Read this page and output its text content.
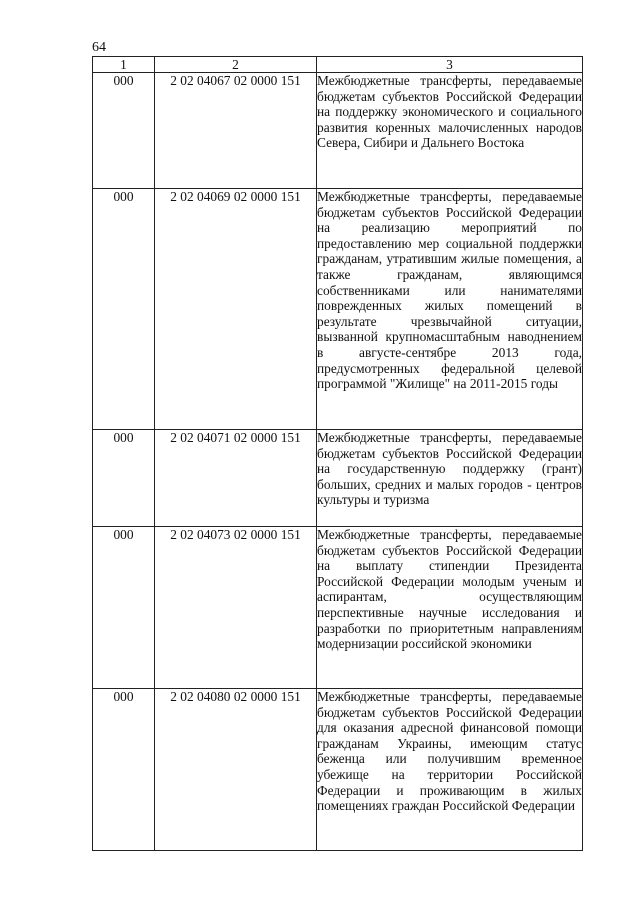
64
1	2	3
000	2 02 04067 02 0000 151	Межбюджетные трансферты, передаваемые бюджетам субъектов Российской Федерации на поддержку экономического и социального развития коренных малочисленных народов Севера, Сибири и Дальнего Востока
000	2 02 04069 02 0000 151	Межбюджетные трансферты, передаваемые бюджетам субъектов Российской Федерации на реализацию мероприятий по предоставлению мер социальной поддержки гражданам, утратившим жилые помещения, а также гражданам, являющимся собственниками или нанимателями поврежденных жилых помещений в результате чрезвычайной ситуации, вызванной крупномасштабным наводнением в августе-сентябре 2013 года, предусмотренных федеральной целевой программой "Жилище" на 2011-2015 годы
000	2 02 04071 02 0000 151	Межбюджетные трансферты, передаваемые бюджетам субъектов Российской Федерации на государственную поддержку (грант) больших, средних и малых городов - центров культуры и туризма
000	2 02 04073 02 0000 151	Межбюджетные трансферты, передаваемые бюджетам субъектов Российской Федерации на выплату стипендии Президента Российской Федерации молодым ученым и аспирантам, осуществляющим перспективные научные исследования и разработки по приоритетным направлениям модернизации российской экономики
000	2 02 04080 02 0000 151	Межбюджетные трансферты, передаваемые бюджетам субъектов Российской Федерации для оказания адресной финансовой помощи гражданам Украины, имеющим статус беженца или получившим временное убежище на территории Российской Федерации и проживающим в жилых помещениях граждан Российской Федерации
